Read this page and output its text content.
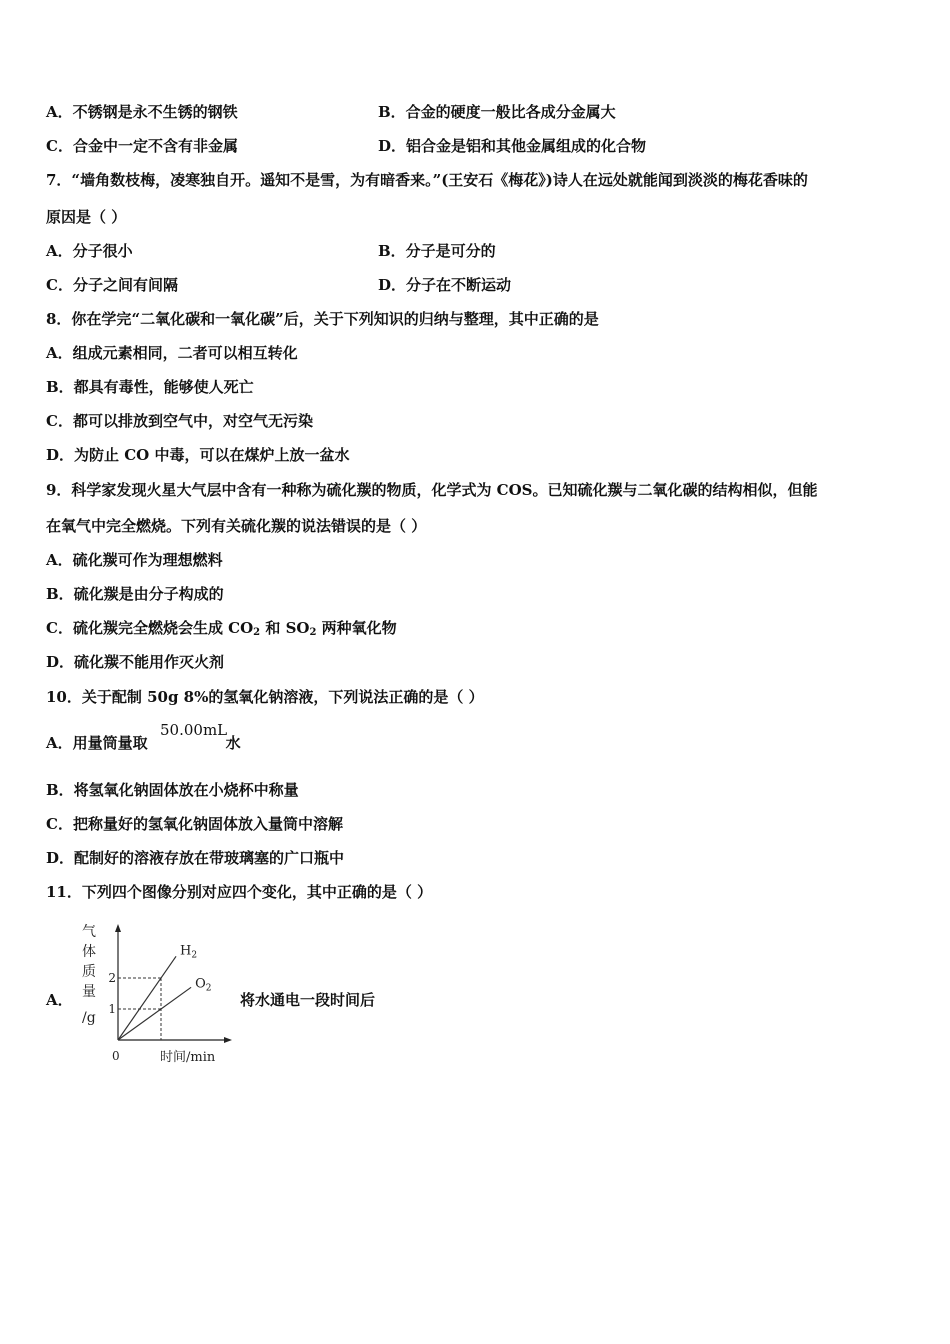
A．不锈钢是永不生锈的钢铁	B．合金的硬度一般比各成分金属大
C．合金中一定不含有非金属	D．铝合金是铝和其他金属组成的化合物
7．“墙角数枝梅，凌寒独自开。遥知不是雪，为有暗香来。”(王安石《梅花》)诗人在远处就能闻到淡淡的梅花香味的
原因是（ ）
A．分子很小	B．分子是可分的
C．分子之间有间隔	D．分子在不断运动
8．你在学完“二氧化碳和一氧化碳”后，关于下列知识的归纳与整理，其中正确的是
A．组成元素相同，二者可以相互转化
B．都具有毒性，能够使人死亡
C．都可以排放到空气中，对空气无污染
D．为防止 CO 中毒，可以在煤炉上放一盆水
9．科学家发现火星大气层中含有一种称为硫化羰的物质，化学式为 COS。已知硫化羰与二氧化碳的结构相似，但能
在氧气中完全燃烧。下列有关硫化羰的说法错误的是（ ）
A．硫化羰可作为理想燃料
B．硫化羰是由分子构成的
C．硫化羰完全燃烧会生成 $CO_2$ 和 $SO_2$ 两种氧化物
D．硫化羰不能用作灭火剂
10．关于配制 50g 8%的氢氧化钠溶液，下列说法正确的是（ ）
A．用量筒量取	水
50.00mL
B．将氢氧化钠固体放在小烧杯中称量
C．把称量好的氢氧化钠固体放入量筒中溶解
D．配制好的溶液存放在带玻璃塞的广口瓶中
11．下列四个图像分别对应四个变化，其中正确的是（ ）
A．	将水通电一段时间后
气
体
质
量
/g
$H_2$
$O_2$
1
2
0	时间/min
